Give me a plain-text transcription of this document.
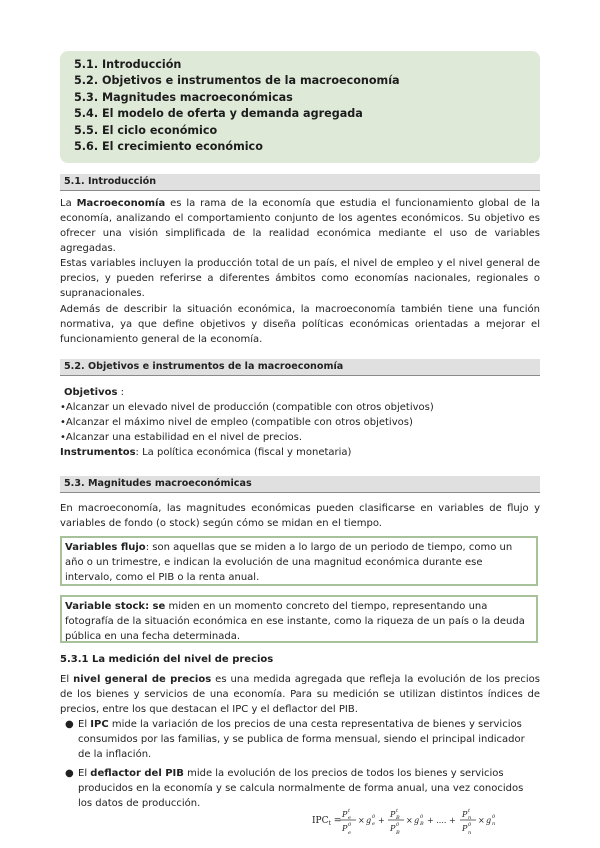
5.1. Introducción
5.2. Objetivos e instrumentos de la macroeconomía
5.3. Magnitudes macroeconómicas
5.4. El modelo de oferta y demanda agregada
5.5. El ciclo económico
5.6. El crecimiento económico
5.1. Introducción

La Macroeconomía es la rama de la economía que estudia el funcionamiento global de la economía, analizando el comportamiento conjunto de los agentes económicos. Su objetivo es ofrecer una visión simplificada de la realidad económica mediante el uso de variables agregadas.

Estas variables incluyen la producción total de un país, el nivel de empleo y el nivel general de precios, y pueden referirse a diferentes ámbitos como economías nacionales, regionales o supranacionales.

Además de describir la situación económica, la macroeconomía también tiene una función normativa, ya que define objetivos y diseña políticas económicas orientadas a mejorar el funcionamiento general de la economía.

5.2. Objetivos e instrumentos de la macroeconomía
Objetivos :
•Alcanzar un elevado nivel de producción (compatible con otros objetivos)
•Alcanzar el máximo nivel de empleo (compatible con otros objetivos)
•Alcanzar una estabilidad en el nivel de precios.
Instrumentos: La política económica (fiscal y monetaria)
5.3. Magnitudes macroeconómicas

En macroeconomía, las magnitudes económicas pueden clasificarse en variables de flujo y variables de fondo (o stock) según cómo se midan en el tiempo.

Variables flujo: son aquellas que se miden a lo largo de un periodo de tiempo, como un año o un trimestre, e indican la evolución de una magnitud económica durante ese intervalo, como el PIB o la renta anual.
Variable stock: se miden en un momento concreto del tiempo, representando una fotografía de la situación económica en ese instante, como la riqueza de un país o la deuda pública en una fecha determinada.
5.3.1 La medición del nivel de precios

El nivel general de precios es una medida agregada que refleja la evolución de los precios de los bienes y servicios de una economía. Para su medición se utilizan distintos índices de precios, entre los que destacan el IPC y el deflactor del PIB.

● El IPC mide la variación de los precios de una cesta representativa de bienes y servicios consumidos por las familias, y se publica de forma mensual, siendo el principal indicador de la inflación.
● El deflactor del PIB mide la evolución de los precios de todos los bienes y servicios producidos en la economía y se calcula normalmente de forma anual, una vez conocidos los datos de producción.
$IPC_t$ =
P t
e
P 0
e
× g e
0 +
P t
B
P 0
B
× g B
0 + .... +
P t
n
P 0
n
× g n
0
